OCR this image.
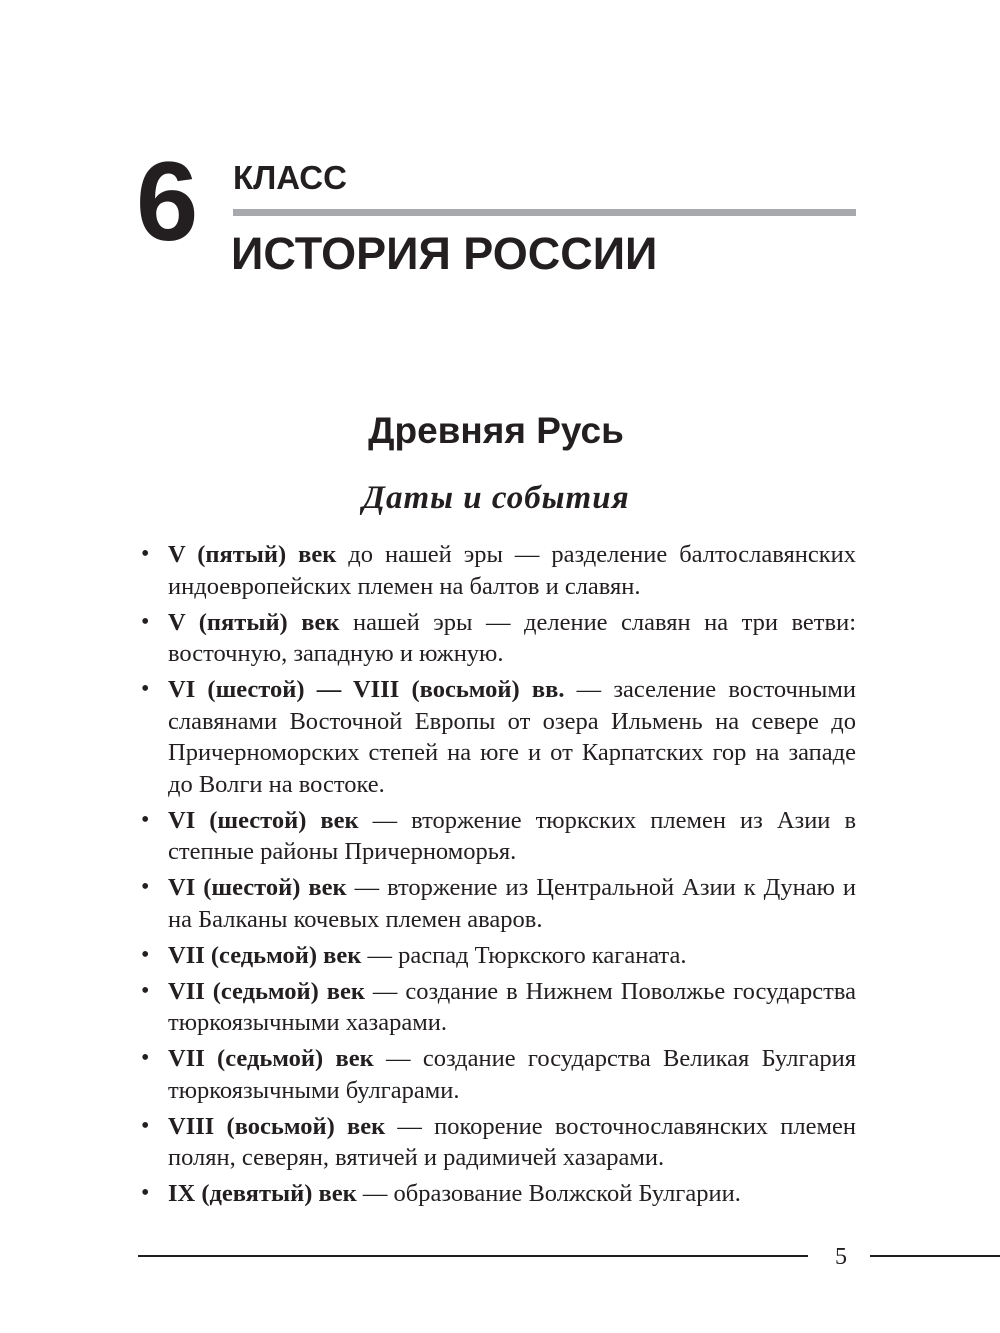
6 КЛАСС
ИСТОРИЯ РОССИИ
Древняя Русь
Даты и события
• V (пятый) век до нашей эры — разделение балтославянских индоевропейских племен на балтов и славян.
• V (пятый) век нашей эры — деление славян на три ветви: восточную, западную и южную.
• VI (шестой) — VIII (восьмой) вв. — заселение восточными славянами Восточной Европы от озера Ильмень на севере до Причерноморских степей на юге и от Карпатских гор на западе до Волги на востоке.
• VI (шестой) век — вторжение тюркских племен из Азии в степные районы Причерноморья.
• VI (шестой) век — вторжение из Центральной Азии к Дунаю и на Балканы кочевых племен аваров.
• VII (седьмой) век — распад Тюркского каганата.
• VII (седьмой) век — создание в Нижнем Поволжье государства тюркоязычными хазарами.
• VII (седьмой) век — создание государства Великая Булгария тюркоязычными булгарами.
• VIII (восьмой) век — покорение восточнославянских племен полян, северян, вятичей и радимичей хазарами.
• IX (девятый) век — образование Волжской Булгарии.
5
